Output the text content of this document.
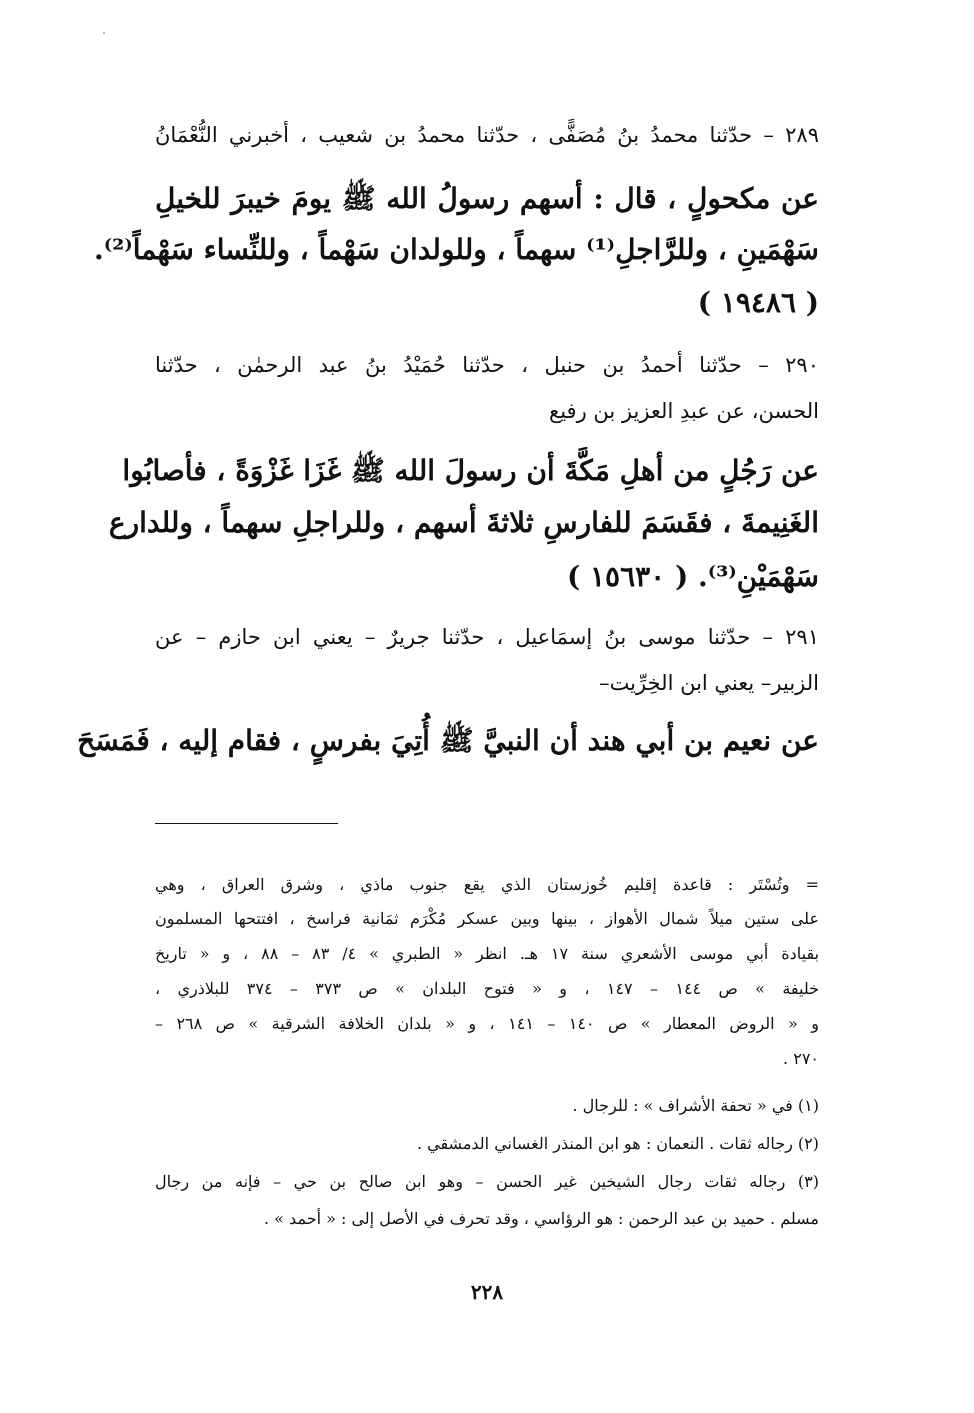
٢٨٩ – حدّثنا محمدُ بنُ مُصَفًّى ، حدّثنا محمدُ بن شعيب ، أخبرني النُّعْمَانُ
عن مكحولٍ ، قال : أسهم رسولُ الله ﷺ يومَ خيبرَ للخيلِ
سَهْمَينِ ، وللرَّاجلِ⁽¹⁾ سهماً ، وللولدان سَهْماً ، وللنِّساء سَهْماً⁽²⁾.
( ١٩٤٨٦ )
٢٩٠ – حدّثنا أحمدُ بن حنبل ، حدّثنا حُمَيْدُ بنُ عبد الرحمٰن ، حدّثنا
الحسن، عن عبدِ العزيز بن رفيع
عن رَجُلٍ من أهلِ مَكَّةَ أن رسولَ الله ﷺ غَزَا غَزْوَةً ، فأصابُوا
الغَنِيمةَ ، فقَسَمَ للفارسِ ثلاثةَ أسهم ، وللراجلِ سهماً ، وللدارع
سَهْمَيْنِ⁽³⁾. ( ١٥٦٣٠ )
٢٩١ – حدّثنا موسى بنُ إسمَاعيل ، حدّثنا جريرٌ – يعني ابن حازم – عن
الزبير– يعني ابن الخِرِّيت–
عن نعيم بن أبي هند أن النبيَّ ﷺ أُتِيَ بفرسٍ ، فقام إليه ، فَمَسَحَ
= وتُسْتَر : قاعدة إقليم خُوزستان الذي يقع جنوب ماذي ، وشرق العراق ، وهي
على ستين ميلاً شمال الأهواز ، بينها وبين عسكر مُكْرَم ثمَانية فراسخ ، افتتحها المسلمون
بقيادة أبي موسى الأشعري سنة ١٧ هـ. انظر « الطبري » ٤/ ٨٣ – ٨٨ ، و « تاريخ
خليفة » ص ١٤٤ – ١٤٧ ، و « فتوح البلدان » ص ٣٧٣ – ٣٧٤ للبلاذري ،
و « الروض المعطار » ص ١٤٠ – ١٤١ ، و « بلدان الخلافة الشرقية » ص ٢٦٨ –
٢٧٠ .
(١) في « تحفة الأشراف » : للرجال .
(٢) رجاله ثقات . النعمان : هو ابن المنذر الغساني الدمشقي .
(٣) رجاله ثقات رجال الشيخين غير الحسن – وهو ابن صالح بن حي – فإنه من رجال
مسلم . حميد بن عبد الرحمن : هو الرؤاسي ، وقد تحرف في الأصل إلى : « أحمد » .
٢٢٨
